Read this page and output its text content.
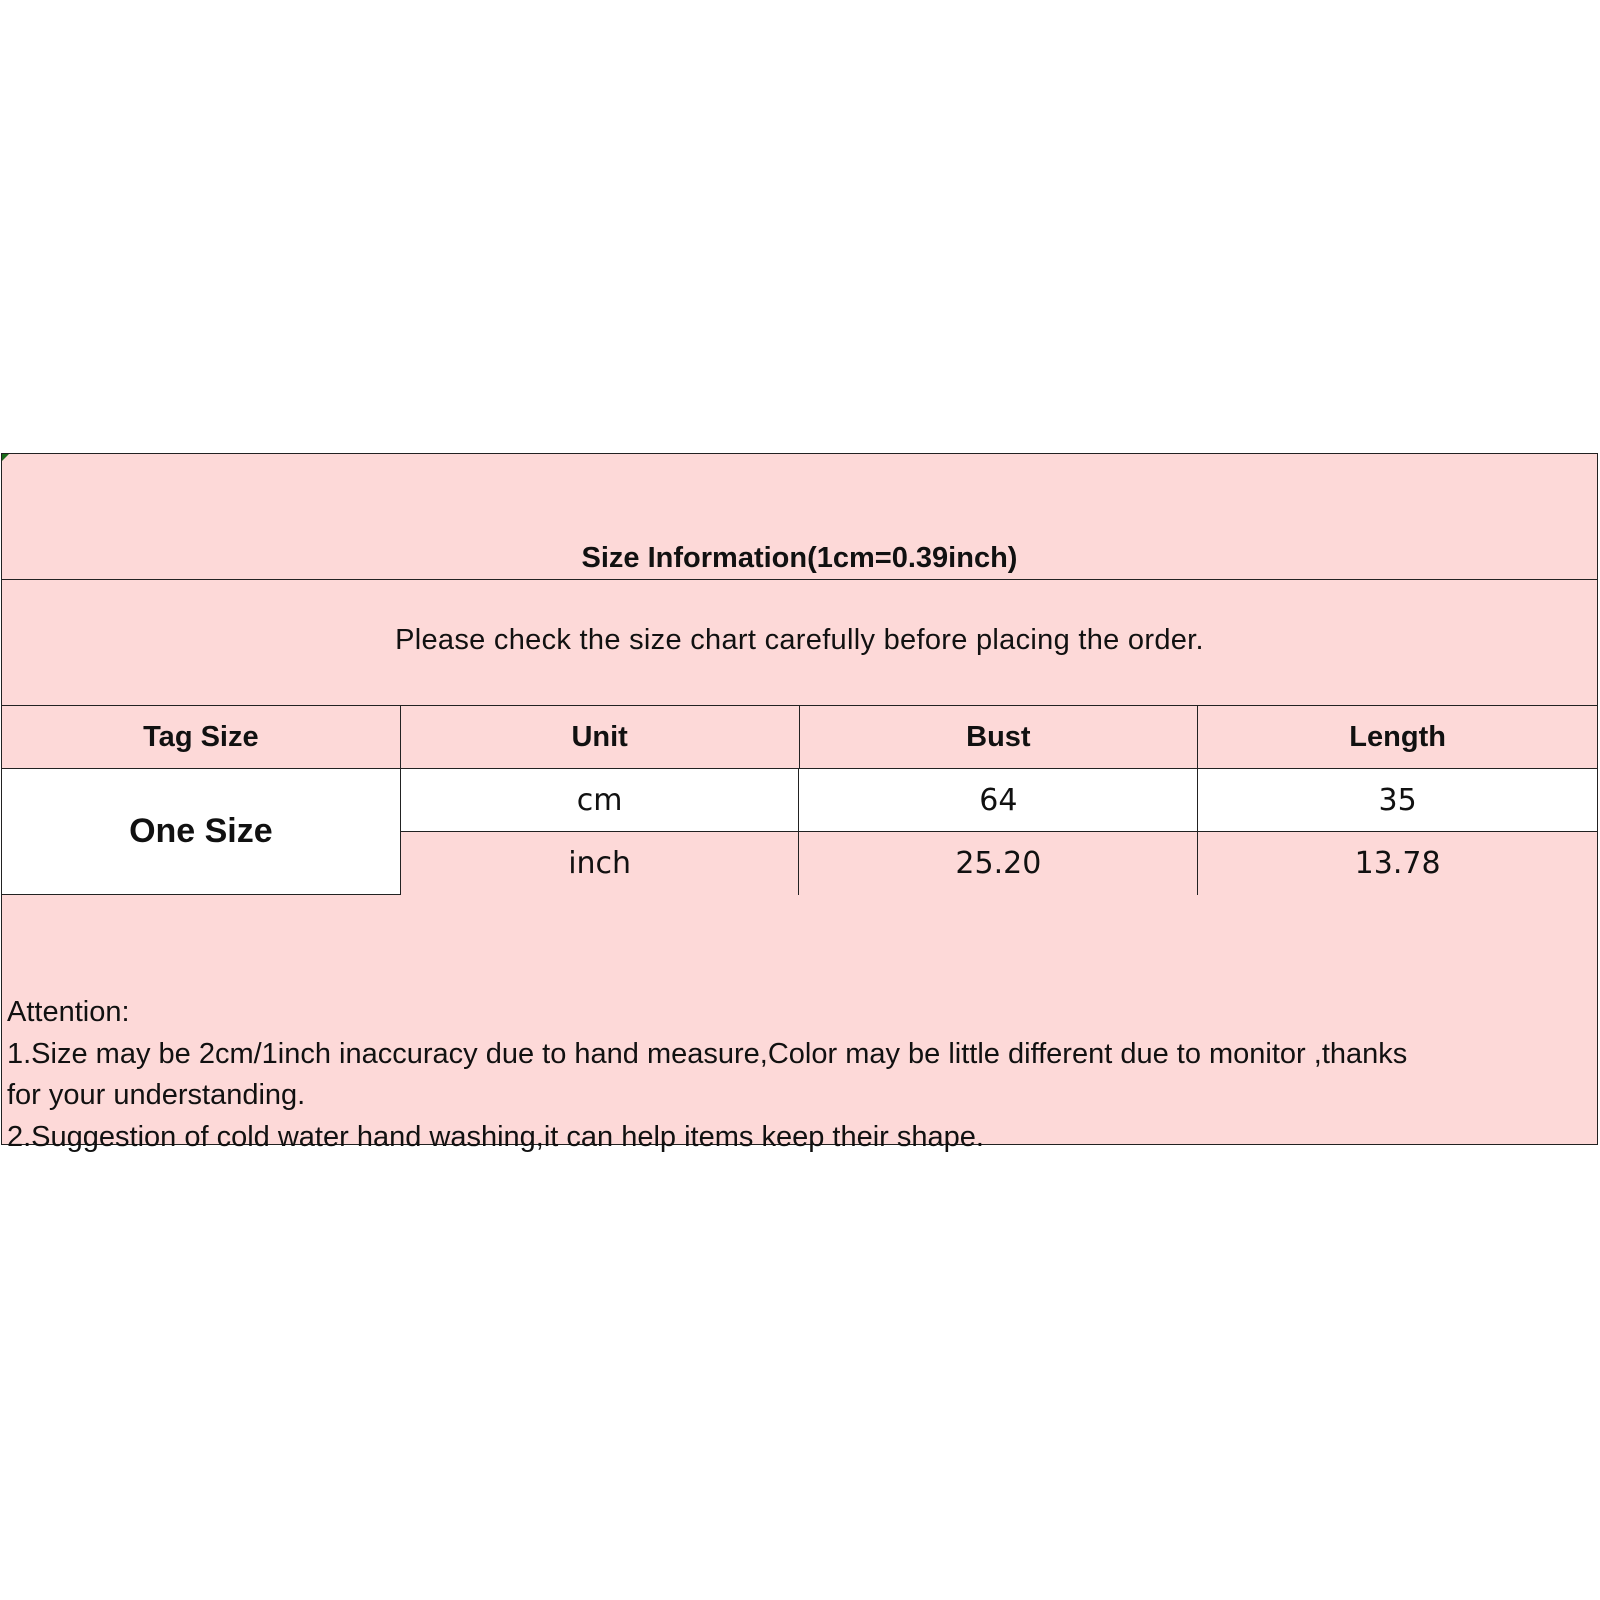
Size Information(1cm=0.39inch)
Please check the size chart carefully before placing the order.
Tag Size	Unit	Bust	Length
One Size
cm	64	35
inch	25.20	13.78
Attention:
1.Size may be 2cm/1inch inaccuracy due to hand measure,Color may be little different due to monitor ,thanks
for your understanding.
2.Suggestion of cold water hand washing,it can help items keep their shape.
